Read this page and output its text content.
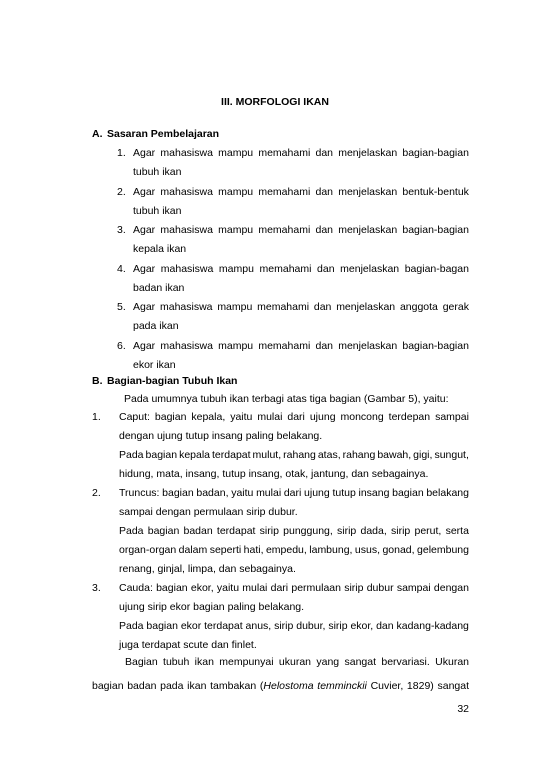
III. MORFOLOGI IKAN
A. Sasaran Pembelajaran
1. Agar mahasiswa mampu memahami dan menjelaskan bagian-bagian
tubuh ikan
2. Agar mahasiswa mampu memahami dan menjelaskan bentuk-bentuk
tubuh ikan
3. Agar mahasiswa mampu memahami dan menjelaskan bagian-bagian
kepala ikan
4. Agar mahasiswa mampu memahami dan menjelaskan bagian-bagan
badan ikan
5. Agar mahasiswa mampu memahami dan menjelaskan anggota gerak
pada ikan
6. Agar mahasiswa mampu memahami dan menjelaskan bagian-bagian
ekor ikan
B. Bagian-bagian Tubuh Ikan
Pada umumnya tubuh ikan terbagi atas tiga bagian (Gambar 5), yaitu:
1. Caput: bagian kepala, yaitu mulai dari ujung moncong terdepan sampai
dengan ujung tutup insang paling belakang.
Pada bagian kepala terdapat mulut, rahang atas, rahang bawah, gigi, sungut,
hidung, mata, insang, tutup insang, otak, jantung, dan sebagainya.
2. Truncus: bagian badan, yaitu mulai dari ujung tutup insang bagian belakang
sampai dengan permulaan sirip dubur.
Pada bagian badan terdapat sirip punggung, sirip dada, sirip perut, serta
organ-organ dalam seperti hati, empedu, lambung, usus, gonad, gelembung
renang, ginjal, limpa, dan sebagainya.
3. Cauda: bagian ekor, yaitu mulai dari permulaan sirip dubur sampai dengan
ujung sirip ekor bagian paling belakang.
Pada bagian ekor terdapat anus, sirip dubur, sirip ekor, dan kadang-kadang
juga terdapat scute dan finlet.
Bagian tubuh ikan mempunyai ukuran yang sangat bervariasi. Ukuran
bagian badan pada ikan tambakan (Helostoma temminckii Cuvier, 1829) sangat
32
